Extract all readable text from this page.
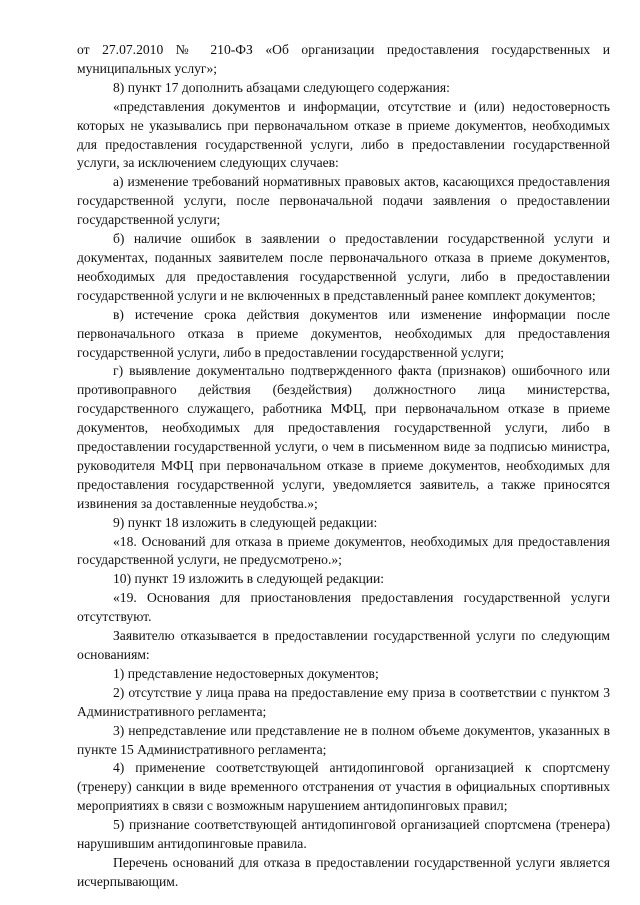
от 27.07.2010 № 210-ФЗ «Об организации предоставления государственных и муниципальных услуг»;

8) пункт 17 дополнить абзацами следующего содержания:

«представления документов и информации, отсутствие и (или) недостоверность которых не указывались при первоначальном отказе в приеме документов, необходимых для предоставления государственной услуги, либо в предоставлении государственной услуги, за исключением следующих случаев:

а) изменение требований нормативных правовых актов, касающихся предоставления государственной услуги, после первоначальной подачи заявления о предоставлении государственной услуги;

б) наличие ошибок в заявлении о предоставлении государственной услуги и документах, поданных заявителем после первоначального отказа в приеме документов, необходимых для предоставления государственной услуги, либо в предоставлении государственной услуги и не включенных в представленный ранее комплект документов;

в) истечение срока действия документов или изменение информации после первоначального отказа в приеме документов, необходимых для предоставления государственной услуги, либо в предоставлении государственной услуги;

г) выявление документально подтвержденного факта (признаков) ошибочного или противоправного действия (бездействия) должностного лица министерства, государственного служащего, работника МФЦ, при первоначальном отказе в приеме документов, необходимых для предоставления государственной услуги, либо в предоставлении государственной услуги, о чем в письменном виде за подписью министра, руководителя МФЦ при первоначальном отказе в приеме документов, необходимых для предоставления государственной услуги, уведомляется заявитель, а также приносятся извинения за доставленные неудобства.»;

9) пункт 18 изложить в следующей редакции:

«18. Оснований для отказа в приеме документов, необходимых для предоставления государственной услуги, не предусмотрено.»;

10) пункт 19 изложить в следующей редакции:

«19. Основания для приостановления предоставления государственной услуги отсутствуют.

Заявителю отказывается в предоставлении государственной услуги по следующим основаниям:

1) представление недостоверных документов;

2) отсутствие у лица права на предоставление ему приза в соответствии с пунктом 3 Административного регламента;

3) непредставление или представление не в полном объеме документов, указанных в пункте 15 Административного регламента;

4) применение соответствующей антидопинговой организацией к спортсмену (тренеру) санкции в виде временного отстранения от участия в официальных спортивных мероприятиях в связи с возможным нарушением антидопинговых правил;

5) признание соответствующей антидопинговой организацией спортсмена (тренера) нарушившим антидопинговые правила.

Перечень оснований для отказа в предоставлении государственной услуги является исчерпывающим.
